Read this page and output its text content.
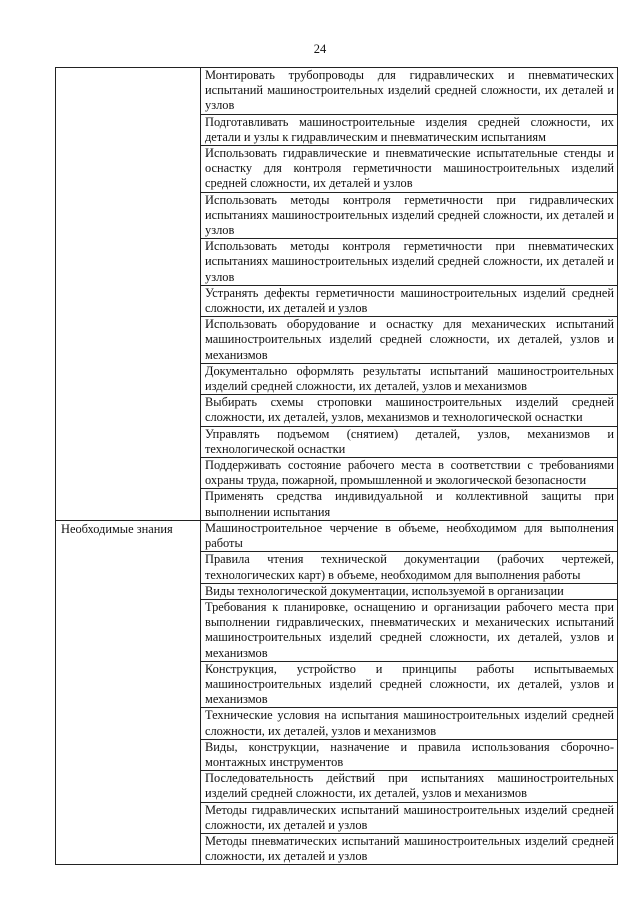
24
	Монтировать трубопроводы для гидравлических и пневматических испытаний машиностроительных изделий средней сложности, их деталей и узлов
	Подготавливать машиностроительные изделия средней сложности, их детали и узлы к гидравлическим и пневматическим испытаниям
	Использовать гидравлические и пневматические испытательные стенды и оснастку для контроля герметичности машиностроительных изделий средней сложности, их деталей и узлов
	Использовать методы контроля герметичности при гидравлических испытаниях машиностроительных изделий средней сложности, их деталей и узлов
	Использовать методы контроля герметичности при пневматических испытаниях машиностроительных изделий средней сложности, их деталей и узлов
	Устранять дефекты герметичности машиностроительных изделий средней сложности, их деталей и узлов
	Использовать оборудование и оснастку для механических испытаний машиностроительных изделий средней сложности, их деталей, узлов и механизмов
	Документально оформлять результаты испытаний машиностроительных изделий средней сложности, их деталей, узлов и механизмов
	Выбирать схемы строповки машиностроительных изделий средней сложности, их деталей, узлов, механизмов и технологической оснастки
	Управлять подъемом (снятием) деталей, узлов, механизмов и технологической оснастки
	Поддерживать состояние рабочего места в соответствии с требованиями охраны труда, пожарной, промышленной и экологической безопасности
	Применять средства индивидуальной и коллективной защиты при выполнении испытания
Необходимые знания	Машиностроительное черчение в объеме, необходимом для выполнения работы
	Правила чтения технической документации (рабочих чертежей, технологических карт) в объеме, необходимом для выполнения работы
	Виды технологической документации, используемой в организации
	Требования к планировке, оснащению и организации рабочего места при выполнении гидравлических, пневматических и механических испытаний машиностроительных изделий средней сложности, их деталей, узлов и механизмов
	Конструкция, устройство и принципы работы испытываемых машиностроительных изделий средней сложности, их деталей, узлов и механизмов
	Технические условия на испытания машиностроительных изделий средней сложности, их деталей, узлов и механизмов
	Виды, конструкции, назначение и правила использования сборочно-монтажных инструментов
	Последовательность действий при испытаниях машиностроительных изделий средней сложности, их деталей, узлов и механизмов
	Методы гидравлических испытаний машиностроительных изделий средней сложности, их деталей и узлов
	Методы пневматических испытаний машиностроительных изделий средней сложности, их деталей и узлов
